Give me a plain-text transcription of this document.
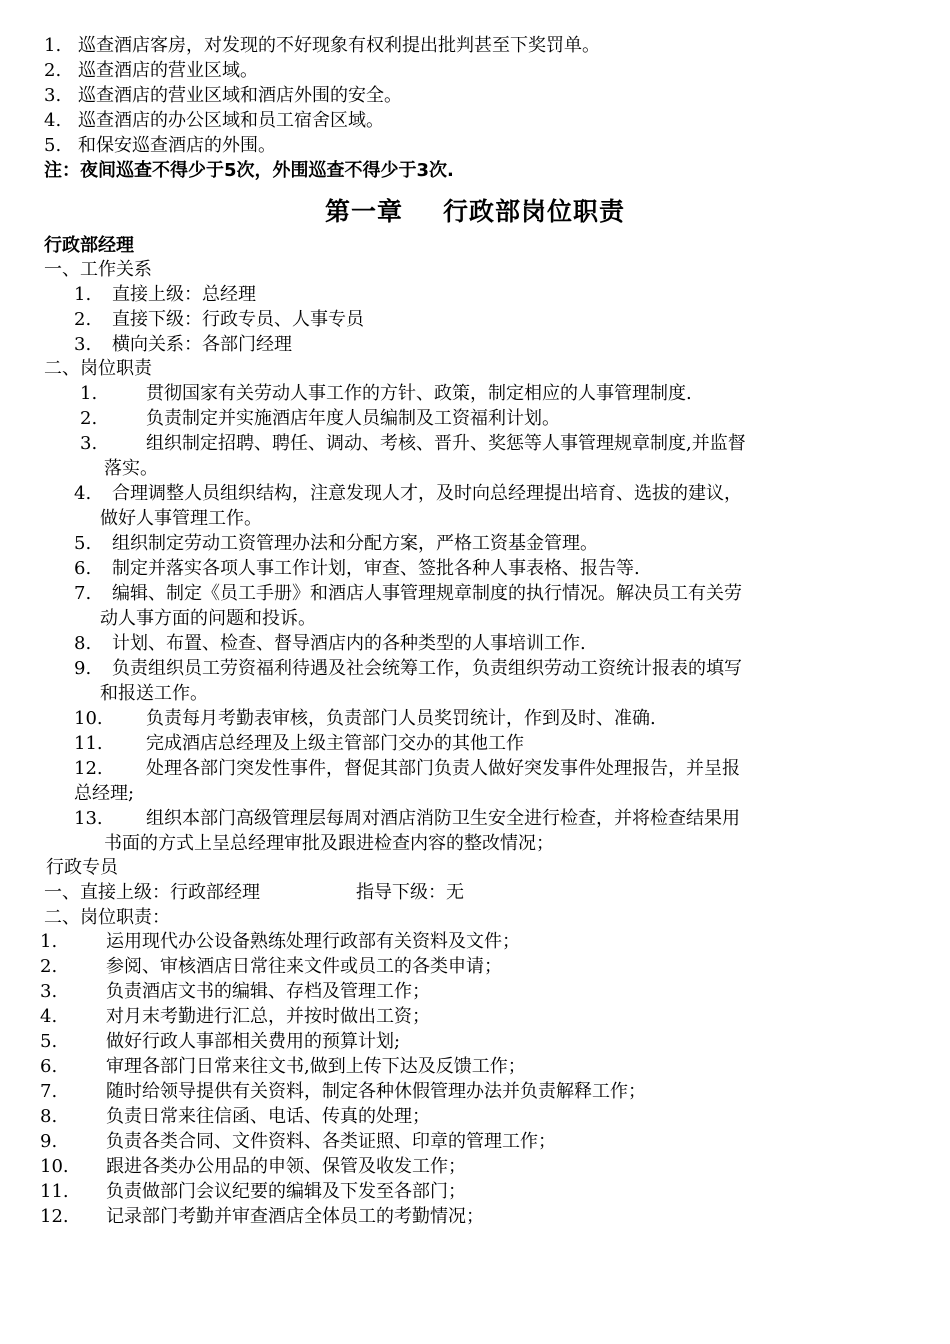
1. 巡查酒店客房，对发现的不好现象有权利提出批判甚至下奖罚单。
2. 巡查酒店的营业区域。
3. 巡查酒店的营业区域和酒店外围的安全。
4. 巡查酒店的办公区域和员工宿舍区域。
5. 和保安巡查酒店的外围。
注：夜间巡查不得少于5次，外围巡查不得少于3次.
第一章 行政部岗位职责
行政部经理
一、工作关系
1. 直接上级：总经理
2. 直接下级：行政专员、人事专员
3. 横向关系：各部门经理
二、岗位职责
1.	贯彻国家有关劳动人事工作的方针、政策，制定相应的人事管理制度.
2.	负责制定并实施酒店年度人员编制及工资福利计划。
3.	组织制定招聘、聘任、调动、考核、晋升、奖惩等人事管理规章制度,并监督
落实。
4. 合理调整人员组织结构，注意发现人才，及时向总经理提出培育、选拔的建议，
做好人事管理工作。
5. 组织制定劳动工资管理办法和分配方案，严格工资基金管理。
6. 制定并落实各项人事工作计划，审查、签批各种人事表格、报告等.
7. 编辑、制定《员工手册》和酒店人事管理规章制度的执行情况。解决员工有关劳
动人事方面的问题和投诉。
8. 计划、布置、检查、督导酒店内的各种类型的人事培训工作.
9. 负责组织员工劳资福利待遇及社会统筹工作，负责组织劳动工资统计报表的填写
和报送工作。
10. 负责每月考勤表审核，负责部门人员奖罚统计，作到及时、准确.
11. 完成酒店总经理及上级主管部门交办的其他工作
12. 处理各部门突发性事件，督促其部门负责人做好突发事件处理报告，并呈报
总经理;
13. 组织本部门高级管理层每周对酒店消防卫生安全进行检查，并将检查结果用
书面的方式上呈总经理审批及跟进检查内容的整改情况；
行政专员
一、直接上级：行政部经理	指导下级：无
二、岗位职责：
1.	运用现代办公设备熟练处理行政部有关资料及文件；
2.	参阅、审核酒店日常往来文件或员工的各类申请；
3.	负责酒店文书的编辑、存档及管理工作；
4.	对月末考勤进行汇总，并按时做出工资；
5.	做好行政人事部相关费用的预算计划;
6.	审理各部门日常来往文书,做到上传下达及反馈工作；
7.	随时给领导提供有关资料，制定各种休假管理办法并负责解释工作；
8.	负责日常来往信函、电话、传真的处理；
9.	负责各类合同、文件资料、各类证照、印章的管理工作；
10. 跟进各类办公用品的申领、保管及收发工作；
11. 负责做部门会议纪要的编辑及下发至各部门；
12. 记录部门考勤并审查酒店全体员工的考勤情况；
